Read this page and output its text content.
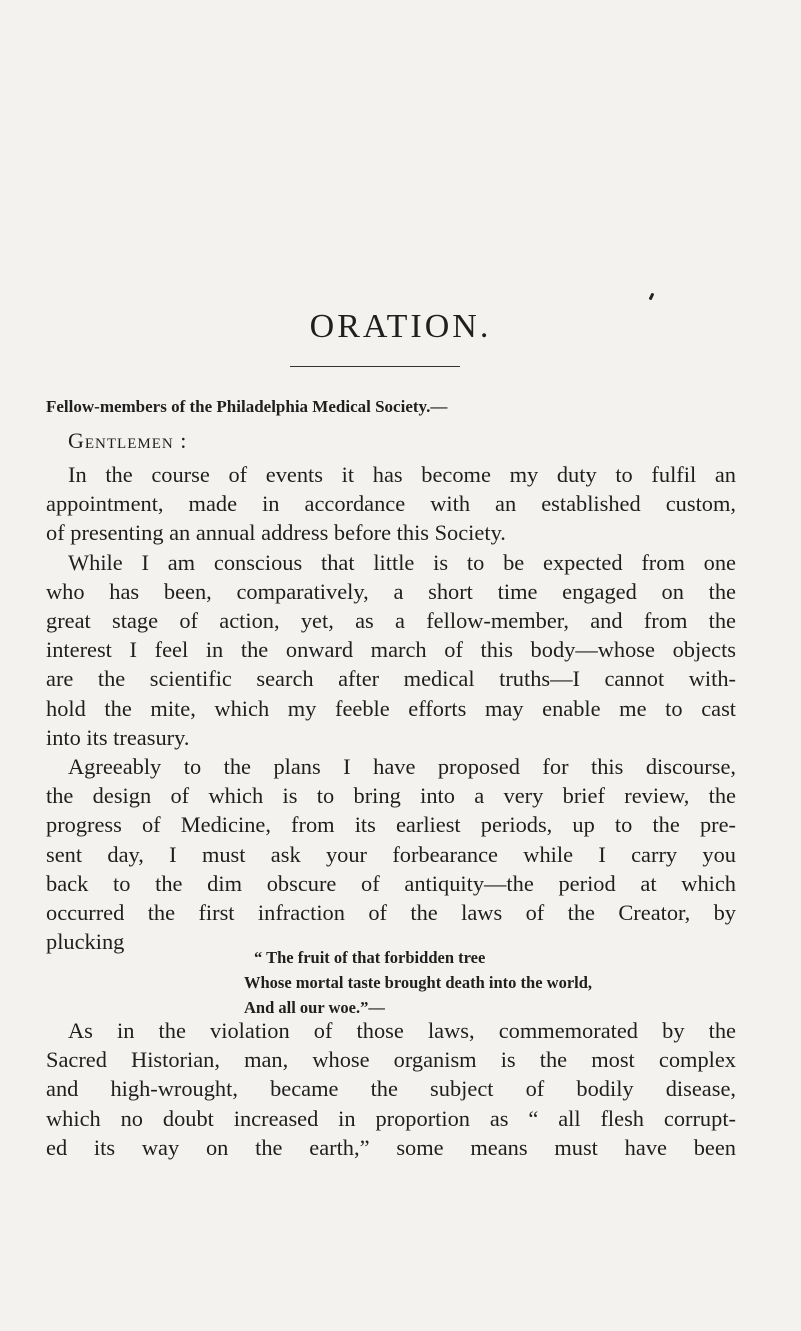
ORATION.
Fellow-members of the Philadelphia Medical Society.—
Gentlemen :
In the course of events it has become my duty to fulfil an
appointment, made in accordance with an established custom,
of presenting an annual address before this Society.
While I am conscious that little is to be expected from one
who has been, comparatively, a short time engaged on the
great stage of action, yet, as a fellow-member, and from the
interest I feel in the onward march of this body—whose objects
are the scientific search after medical truths—I cannot with-
hold the mite, which my feeble efforts may enable me to cast
into its treasury.
Agreeably to the plans I have proposed for this discourse,
the design of which is to bring into a very brief review, the
progress of Medicine, from its earliest periods, up to the pre-
sent day, I must ask your forbearance while I carry you
back to the dim obscure of antiquity—the period at which
occurred the first infraction of the laws of the Creator, by
plucking
“ The fruit of that forbidden tree
Whose mortal taste brought death into the world,
And all our woe.”—
As in the violation of those laws, commemorated by the
Sacred Historian, man, whose organism is the most complex
and high-wrought, became the subject of bodily disease,
which no doubt increased in proportion as “ all flesh corrupt-
ed its way on the earth,” some means must have been
